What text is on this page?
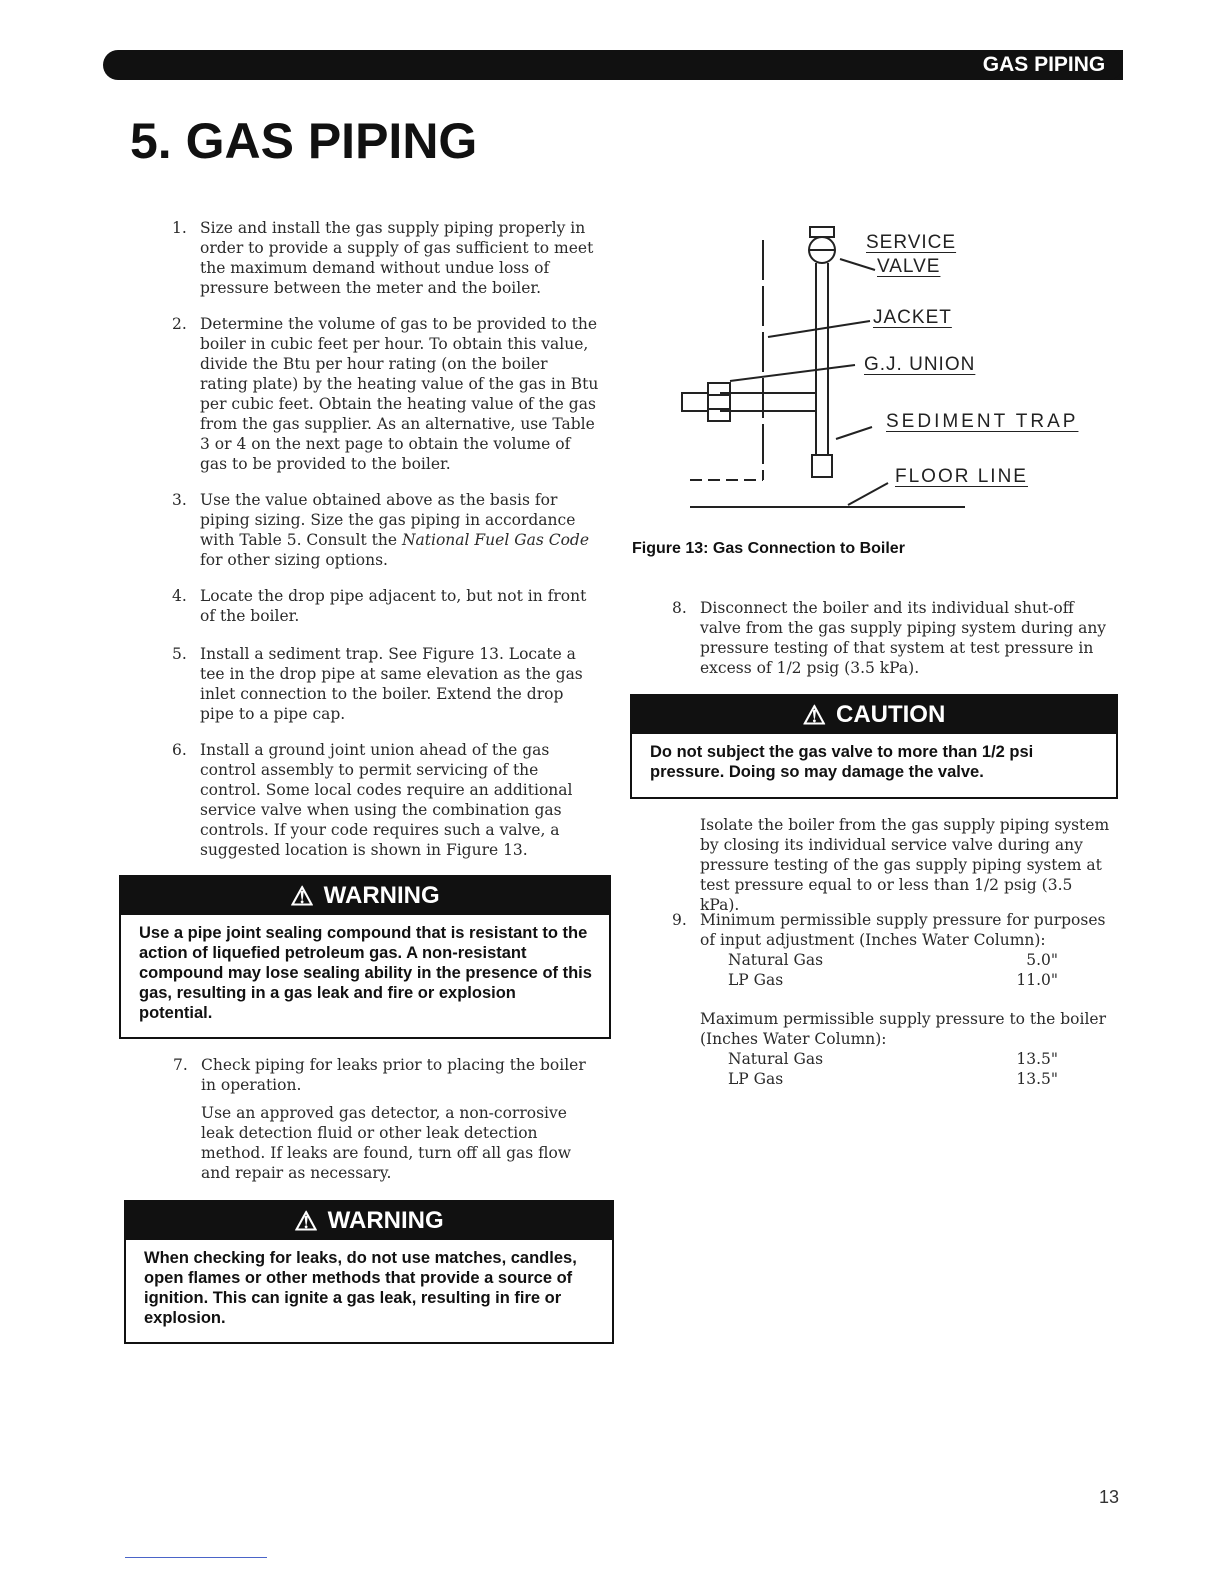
GAS PIPING
5. GAS PIPING
1. Size and install the gas supply piping properly in order to provide a supply of gas sufficient to meet the maximum demand without undue loss of pressure between the meter and the boiler.

2. Determine the volume of gas to be provided to the boiler in cubic feet per hour. To obtain this value, divide the Btu per hour rating (on the boiler rating plate) by the heating value of the gas in Btu per cubic feet. Obtain the heating value of the gas from the gas supplier. As an alternative, use Table 3 or 4 on the next page to obtain the volume of gas to be provided to the boiler.

3. Use the value obtained above as the basis for piping sizing. Size the gas piping in accordance with Table 5. Consult the National Fuel Gas Code for other sizing options.

4. Locate the drop pipe adjacent to, but not in front of the boiler.

5. Install a sediment trap. See Figure 13. Locate a tee in the drop pipe at same elevation as the gas inlet connection to the boiler. Extend the drop pipe to a pipe cap.

6. Install a ground joint union ahead of the gas control assembly to permit servicing of the control. Some local codes require an additional service valve when using the combination gas controls. If your code requires such a valve, a suggested location is shown in Figure 13.

⚠ WARNING
Use a pipe joint sealing compound that is resistant to the action of liquefied petroleum gas. A non-resistant compound may lose sealing ability in the presence of this gas, resulting in a gas leak and fire or explosion potential.
7. Check piping for leaks prior to placing the boiler in operation.

Use an approved gas detector, a non-corrosive leak detection fluid or other leak detection method. If leaks are found, turn off all gas flow and repair as necessary.

⚠ WARNING
When checking for leaks, do not use matches, candles, open flames or other methods that provide a source of ignition. This can ignite a gas leak, resulting in fire or explosion.
SERVICE
VALVE
JACKET
G.J. UNION
SEDIMENT TRAP
FLOOR LINE
Figure 13: Gas Connection to Boiler
8. Disconnect the boiler and its individual shut-off valve from the gas supply piping system during any pressure testing of that system at test pressure in excess of 1/2 psig (3.5 kPa).

⚠ CAUTION
Do not subject the gas valve to more than 1/2 psi pressure. Doing so may damage the valve.

Isolate the boiler from the gas supply piping system by closing its individual service valve during any pressure testing of the gas supply piping system at test pressure equal to or less than 1/2 psig (3.5 kPa).

9. Minimum permissible supply pressure for purposes of input adjustment (Inches Water Column):

Natural Gas	5.0"
LP Gas	11.0"

Maximum permissible supply pressure to the boiler (Inches Water Column):

Natural Gas	13.5"
LP Gas	13.5"
13
